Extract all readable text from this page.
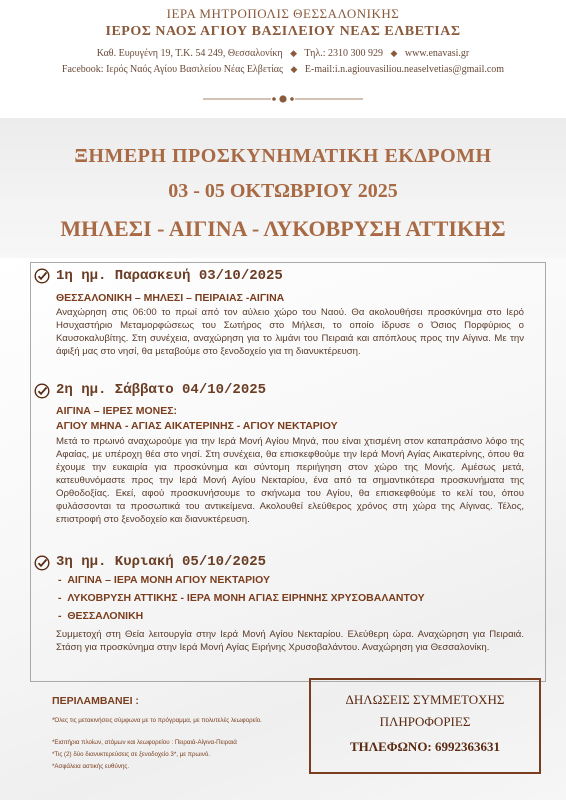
ΙΕΡΑ ΜΗΤΡΟΠΟΛΙΣ ΘΕΣΣΑΛΟΝΙΚΗΣ
ΙΕΡΟΣ ΝΑΟΣ ΑΓΙΟΥ ΒΑΣΙΛΕΙΟΥ ΝΕΑΣ ΕΛΒΕΤΙΑΣ
Καθ. Ευρυγένη 19, Τ.Κ. 54 249, Θεσσαλονίκη ◆ Τηλ.: 2310 300 929 ◆ www.enavasi.gr
Facebook: Ιερός Ναός Αγίου Βασιλείου Νέας Ελβετίας ◆ E-mail:i.n.agiouvasiliou.neaselvetias@gmail.com
ΞΗΜΕΡΗ ΠΡΟΣΚΥΝΗΜΑΤΙΚΗ ΕΚΔΡΟΜΗ
03 - 05 ΟΚΤΩΒΡΙΟΥ 2025
ΜΗΛΕΣΙ - ΑΙΓΙΝΑ - ΛΥΚΟΒΡΥΣΗ ΑΤΤΙΚΗΣ
1η ημ. Παρασκευή 03/10/2025
ΘΕΣΣΑΛΟΝΙΚΗ – ΜΗΛΕΣΙ – ΠΕΙΡΑΙΑΣ -ΑΙΓΙΝΑ
Αναχώρηση στις 06:00 το πρωί από τον αύλειο χώρο του Ναού. Θα ακολουθήσει προσκύνημα στο Ιερό Ησυχαστήριο Μεταμορφώσεως του Σωτήρος στο Μήλεσι, το οποίο ίδρυσε ο Όσιος Πορφύριος ο Καυσοκαλυβίτης. Στη συνέχεια, αναχώρηση για το λιμάνι του Πειραιά και απόπλους προς την Αίγινα. Με την άφιξή μας στο νησί, θα μεταβούμε στο ξενοδοχείο για τη διανυκτέρευση.
2η ημ. Σάββατο 04/10/2025
ΑΙΓΙΝΑ – ΙΕΡΕΣ ΜΟΝΕΣ:
ΑΓΙΟΥ ΜΗΝΑ - ΑΓΙΑΣ ΑΙΚΑΤΕΡΙΝΗΣ - ΑΓΙΟΥ ΝΕΚΤΑΡΙΟΥ
Μετά το πρωινό αναχωρούμε για την Ιερά Μονή Αγίου Μηνά, που είναι χτισμένη στον καταπράσινο λόφο της Αφαίας, με υπέροχη θέα στο νησί. Στη συνέχεια, θα επισκεφθούμε την Ιερά Μονή Αγίας Αικατερίνης, όπου θα έχουμε την ευκαιρία για προσκύνημα και σύντομη περιήγηση στον χώρο της Μονής. Αμέσως μετά, κατευθυνόμαστε προς την Ιερά Μονή Αγίου Νεκταρίου, ένα από τα σημαντικότερα προσκυνήματα της Ορθοδοξίας. Εκεί, αφού προσκυνήσουμε το σκήνωμα του Αγίου, θα επισκεφθούμε το κελί του, όπου φυλάσσονται τα προσωπικά του αντικείμενα. Ακολουθεί ελεύθερος χρόνος στη χώρα της Αίγινας. Τέλος, επιστροφή στο ξενοδοχείο και διανυκτέρευση.
3η ημ. Κυριακή 05/10/2025
-  ΑΙΓΙΝΑ – ΙΕΡΑ ΜΟΝΗ ΑΓΙΟΥ ΝΕΚΤΑΡΙΟΥ
-  ΛΥΚΟΒΡΥΣΗ ΑΤΤΙΚΗΣ - ΙΕΡΑ ΜΟΝΗ ΑΓΙΑΣ ΕΙΡΗΝΗΣ ΧΡΥΣΟΒΑΛΑΝΤΟΥ
-  ΘΕΣΣΑΛΟΝΙΚΗ
Συμμετοχή στη Θεία λειτουργία στην Ιερά Μονή Αγίου Νεκταρίου. Ελεύθερη ώρα. Αναχώρηση για Πειραιά. Στάση για προσκύνημα στην Ιερά Μονή Αγίας Ειρήνης Χρυσοβαλάντου. Αναχώρηση για Θεσσαλονίκη.
ΠΕΡΙΛΑΜΒΑΝΕΙ :
*Όλες τις μετακινήσεις σύμφωνα με το πρόγραμμα, με πολυτελές λεωφορείο.
*Εισιτήρια πλοίων, ατόμων και λεωφορείου : Πειραιά-Αίγινα-Πειραιά
*Τις (2) δύο διανυκτερεύσεις σε ξενοδοχείο 3*, με πρωινό.
*Ασφάλεια αστικής ευθύνης.
ΔΗΛΩΣΕΙΣ ΣΥΜΜΕΤΟΧΗΣ
ΠΛΗΡΟΦΟΡΙΕΣ
ΤΗΛΕΦΩΝΟ: 6992363631
